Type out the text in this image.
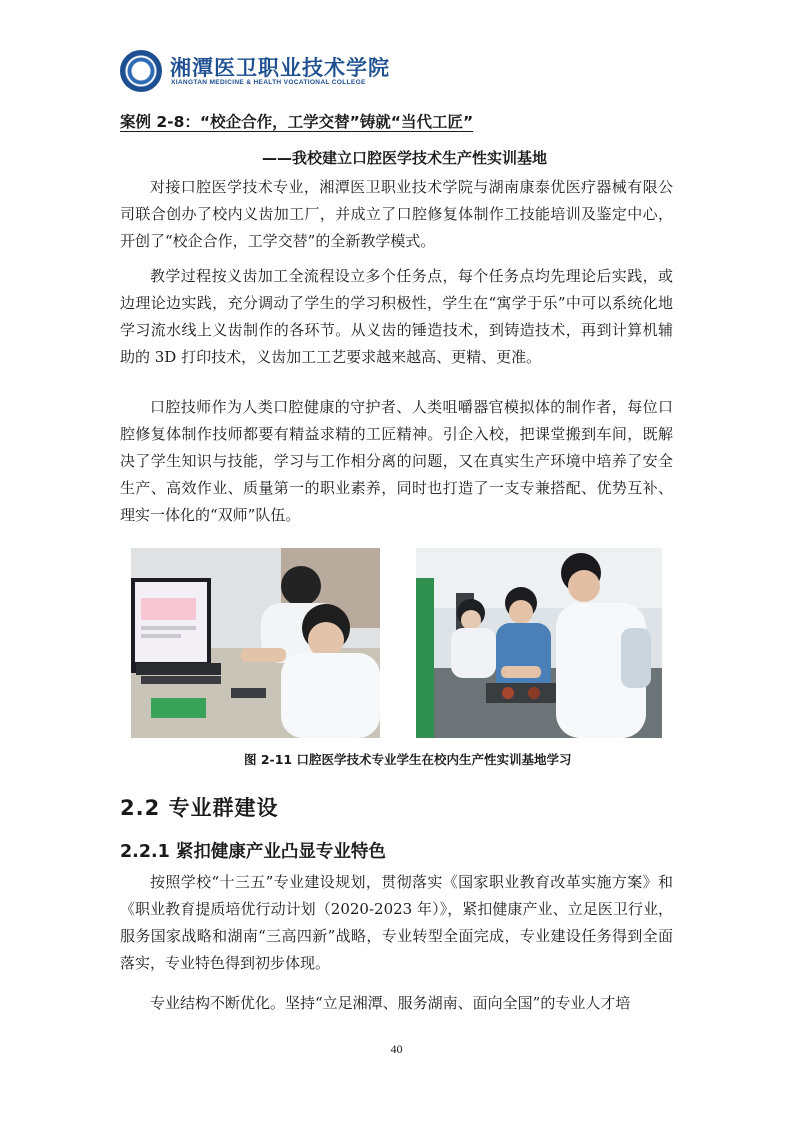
湘潭医卫职业技术学院
XIANGTAN MEDICINE & HEALTH VOCATIONAL COLLEGE
案例 2-8：“校企合作，工学交替”铸就“当代工匠”
——我校建立口腔医学技术生产性实训基地

对接口腔医学技术专业，湘潭医卫职业技术学院与湖南康泰优医疗器械有限公司联合创办了校内义齿加工厂，并成立了口腔修复体制作工技能培训及鉴定中心，开创了“校企合作，工学交替”的全新教学模式。

教学过程按义齿加工全流程设立多个任务点，每个任务点均先理论后实践，或边理论边实践，充分调动了学生的学习积极性，学生在“寓学于乐”中可以系统化地学习流水线上义齿制作的各环节。从义齿的锤造技术，到铸造技术，再到计算机辅助的 3D 打印技术，义齿加工工艺要求越来越高、更精、更准。

口腔技师作为人类口腔健康的守护者、人类咀嚼器官模拟体的制作者，每位口腔修复体制作技师都要有精益求精的工匠精神。引企入校，把课堂搬到车间，既解决了学生知识与技能，学习与工作相分离的问题，又在真实生产环境中培养了安全生产、高效作业、质量第一的职业素养，同时也打造了一支专兼搭配、优势互补、理实一体化的“双师”队伍。

图 2-11 口腔医学技术专业学生在校内生产性实训基地学习
2.2 专业群建设
2.2.1 紧扣健康产业凸显专业特色

按照学校“十三五”专业建设规划，贯彻落实《国家职业教育改革实施方案》和《职业教育提质培优行动计划（2020-2023 年）》，紧扣健康产业、立足医卫行业，服务国家战略和湖南“三高四新”战略，专业转型全面完成，专业建设任务得到全面落实，专业特色得到初步体现。

专业结构不断优化。坚持“立足湘潭、服务湖南、面向全国”的专业人才培

40
